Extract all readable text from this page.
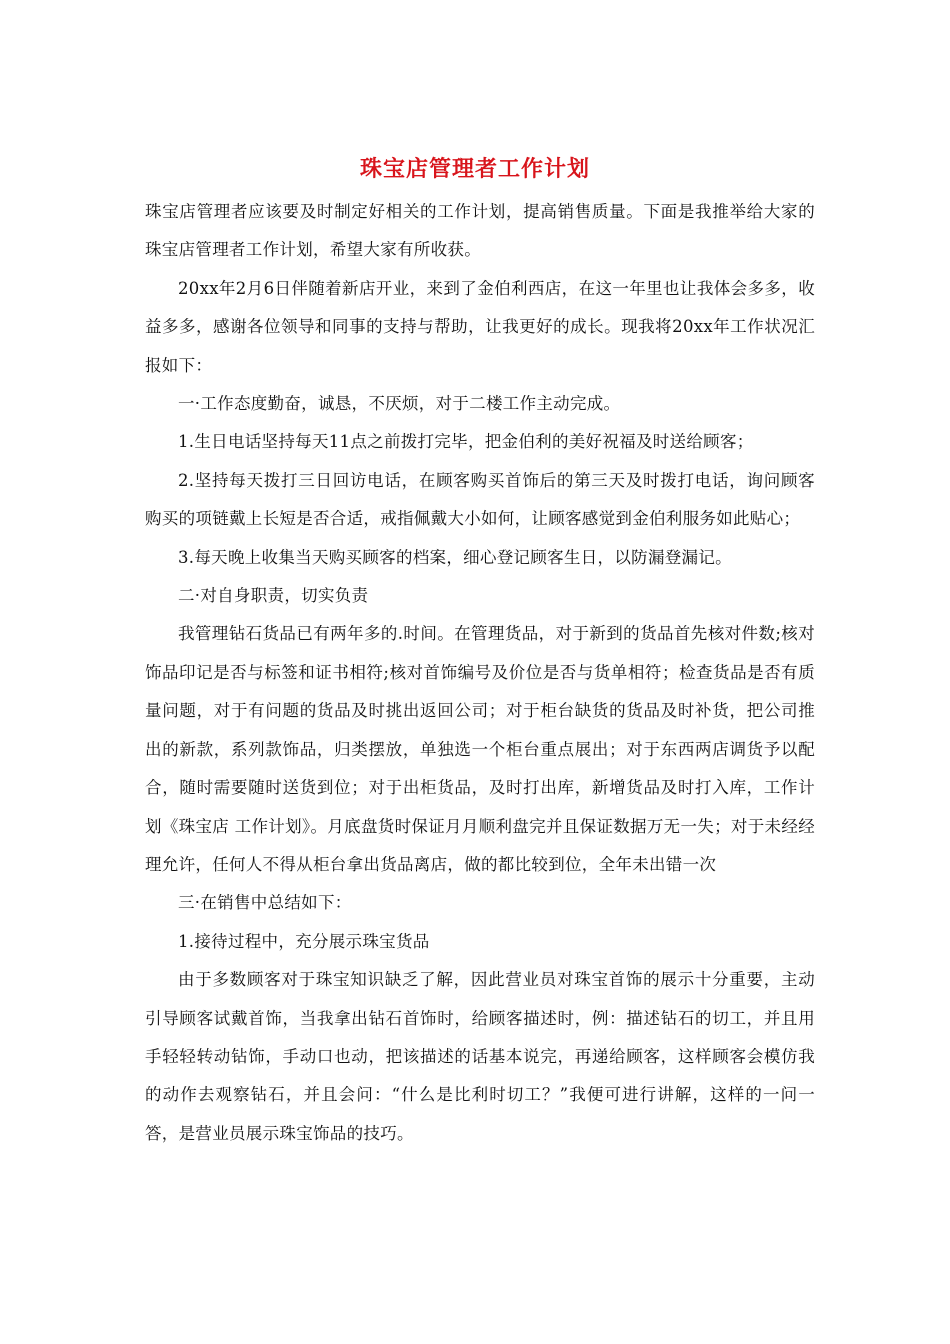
珠宝店管理者工作计划

珠宝店管理者应该要及时制定好相关的工作计划，提高销售质量。下面是我推举给大家的珠宝店管理者工作计划，希望大家有所收获。

20xx年2月6日伴随着新店开业，来到了金伯利西店，在这一年里也让我体会多多，收益多多，感谢各位领导和同事的支持与帮助，让我更好的成长。现我将20xx年工作状况汇报如下：

一·工作态度勤奋，诚恳，不厌烦，对于二楼工作主动完成。

1.生日电话坚持每天11点之前拨打完毕，把金伯利的美好祝福及时送给顾客；

2.坚持每天拨打三日回访电话，在顾客购买首饰后的第三天及时拨打电话，询问顾客购买的项链戴上长短是否合适，戒指佩戴大小如何，让顾客感觉到金伯利服务如此贴心；

3.每天晚上收集当天购买顾客的档案，细心登记顾客生日，以防漏登漏记。

二·对自身职责，切实负责

我管理钻石货品已有两年多的.时间。在管理货品，对于新到的货品首先核对件数;核对饰品印记是否与标签和证书相符;核对首饰编号及价位是否与货单相符；检查货品是否有质量问题，对于有问题的货品及时挑出返回公司；对于柜台缺货的货品及时补货，把公司推出的新款，系列款饰品，归类摆放，单独选一个柜台重点展出；对于东西两店调货予以配合，随时需要随时送货到位；对于出柜货品，及时打出库，新增货品及时打入库，工作计划《珠宝店 工作计划》。月底盘货时保证月月顺利盘完并且保证数据万无一失；对于未经经理允许，任何人不得从柜台拿出货品离店，做的都比较到位，全年未出错一次

三·在销售中总结如下：

1.接待过程中，充分展示珠宝货品

由于多数顾客对于珠宝知识缺乏了解，因此营业员对珠宝首饰的展示十分重要，主动引导顾客试戴首饰，当我拿出钻石首饰时，给顾客描述时，例：描述钻石的切工，并且用手轻轻转动钻饰，手动口也动，把该描述的话基本说完，再递给顾客，这样顾客会模仿我的动作去观察钻石，并且会问：“什么是比利时切工？”我便可进行讲解，这样的一问一答，是营业员展示珠宝饰品的技巧。
